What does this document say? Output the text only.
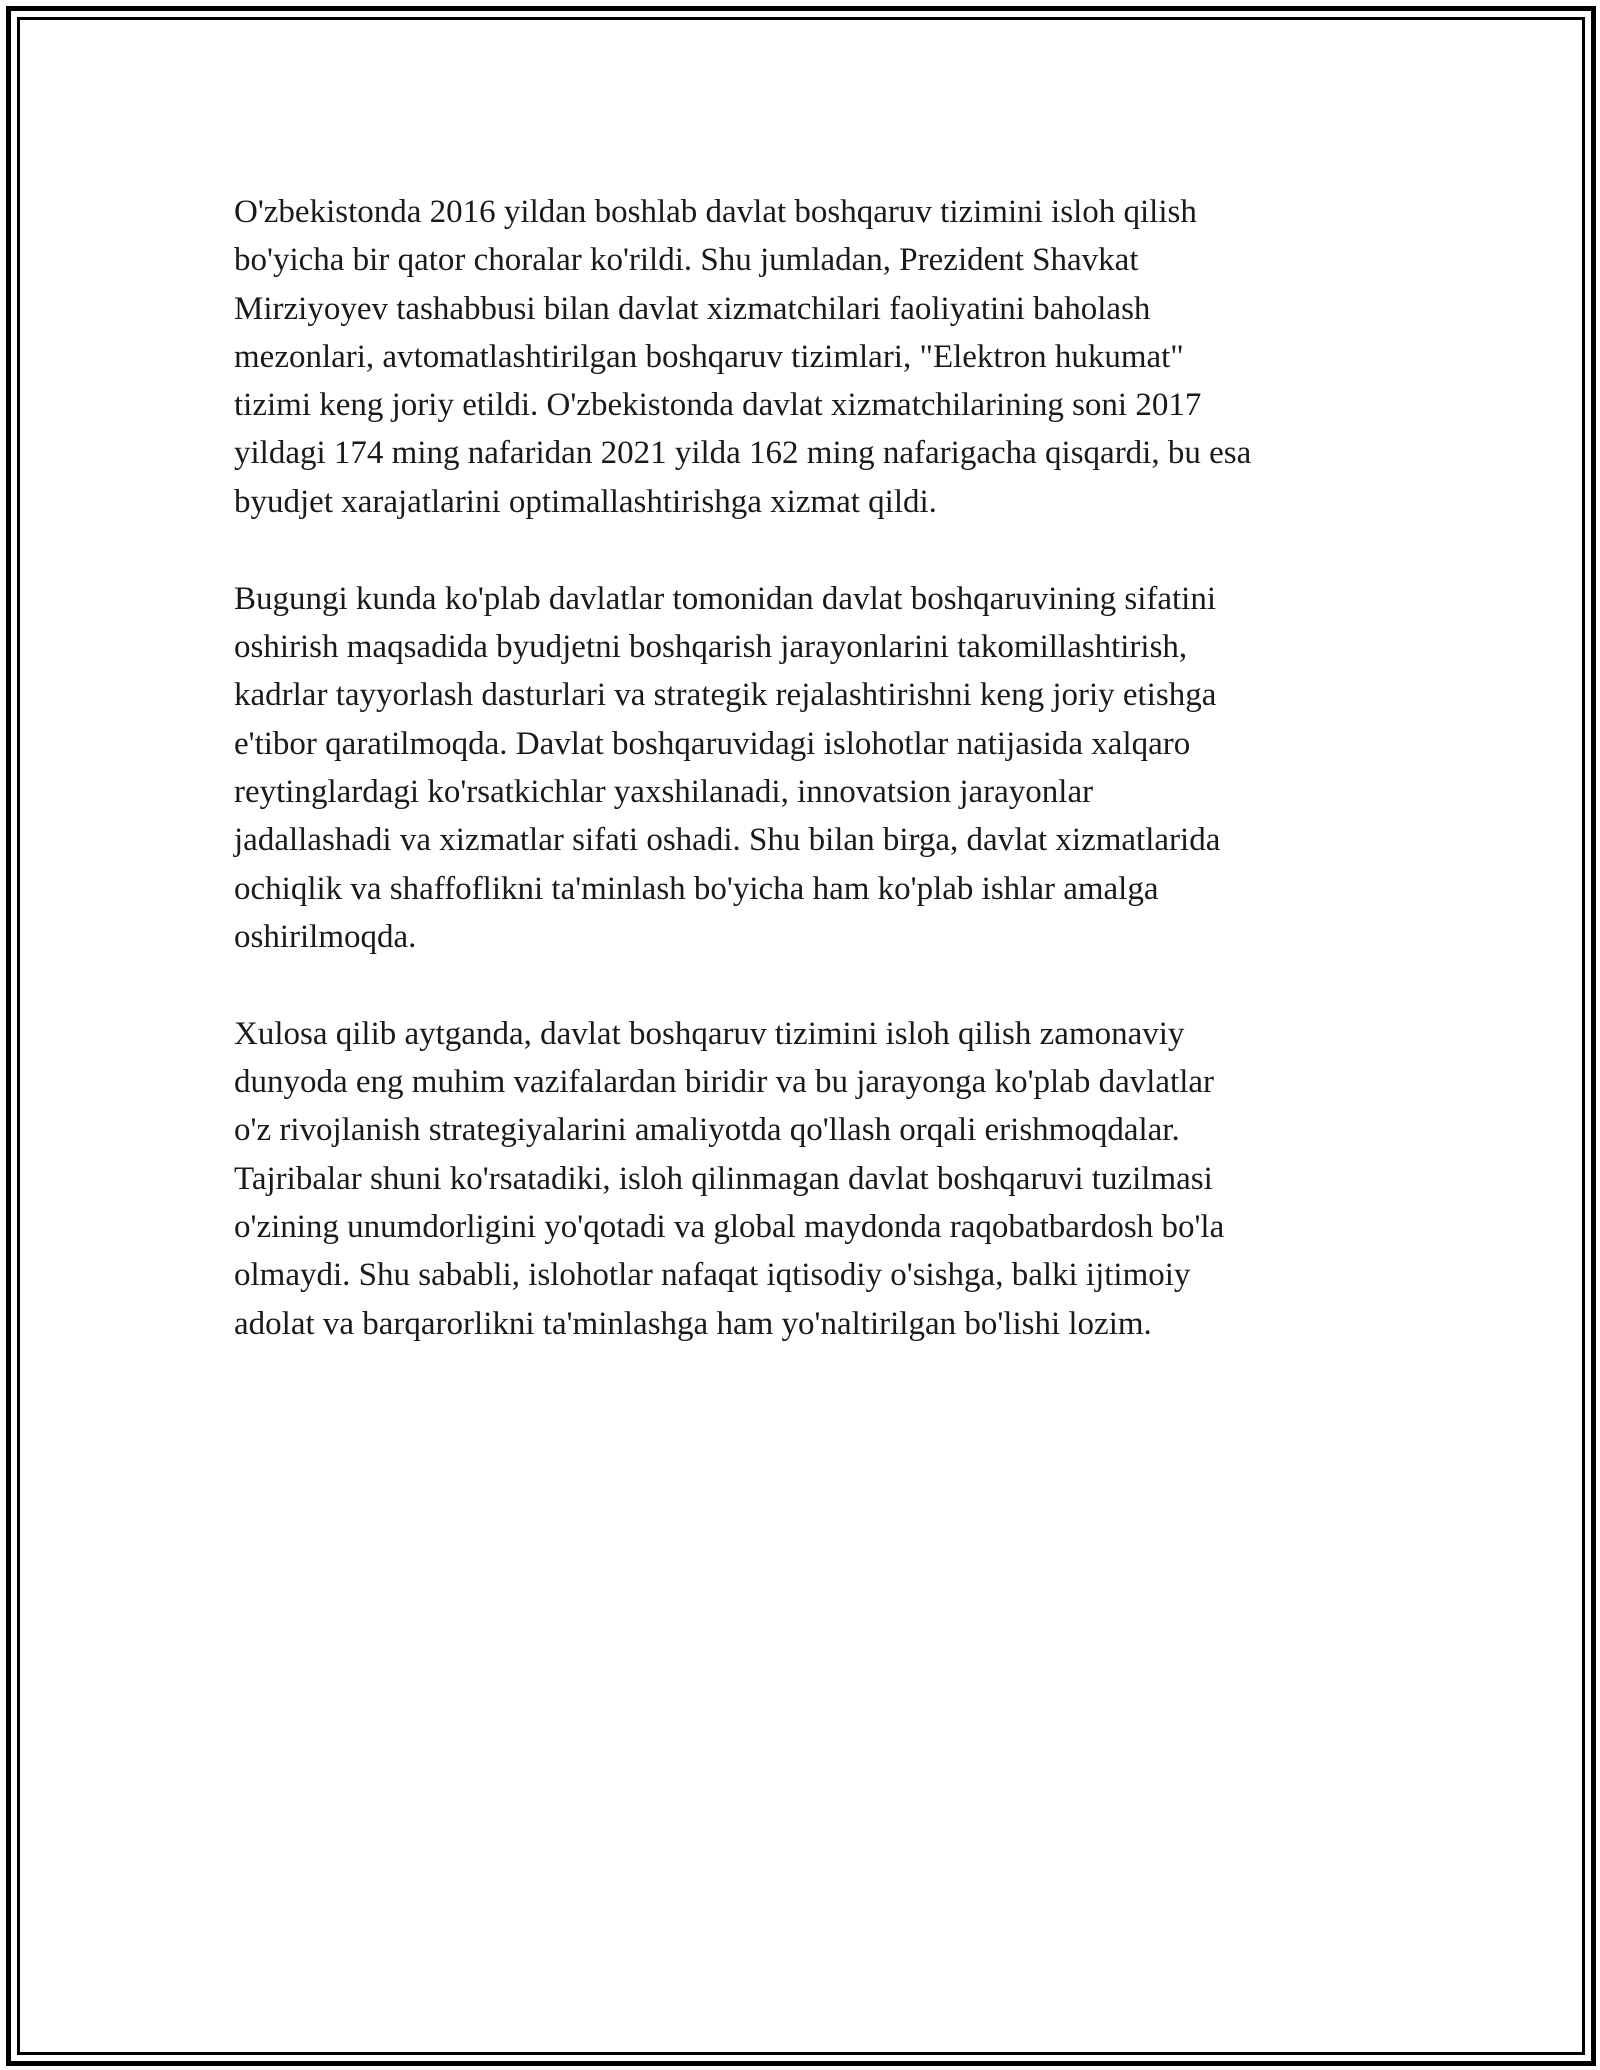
O'zbekistonda 2016 yildan boshlab davlat boshqaruv tizimini isloh qilish
bo'yicha bir qator choralar ko'rildi. Shu jumladan, Prezident Shavkat
Mirziyoyev tashabbusi bilan davlat xizmatchilari faoliyatini baholash
mezonlari, avtomatlashtirilgan boshqaruv tizimlari, "Elektron hukumat"
tizimi keng joriy etildi. O'zbekistonda davlat xizmatchilarining soni 2017
yildagi 174 ming nafaridan 2021 yilda 162 ming nafarigacha qisqardi, bu esa
byudjet xarajatlarini optimallashtirishga xizmat qildi.
Bugungi kunda ko'plab davlatlar tomonidan davlat boshqaruvining sifatini
oshirish maqsadida byudjetni boshqarish jarayonlarini takomillashtirish,
kadrlar tayyorlash dasturlari va strategik rejalashtirishni keng joriy etishga
e'tibor qaratilmoqda. Davlat boshqaruvidagi islohotlar natijasida xalqaro
reytinglardagi ko'rsatkichlar yaxshilanadi, innovatsion jarayonlar
jadallashadi va xizmatlar sifati oshadi. Shu bilan birga, davlat xizmatlarida
ochiqlik va shaffoflikni ta'minlash bo'yicha ham ko'plab ishlar amalga
oshirilmoqda.
Xulosa qilib aytganda, davlat boshqaruv tizimini isloh qilish zamonaviy
dunyoda eng muhim vazifalardan biridir va bu jarayonga ko'plab davlatlar
o'z rivojlanish strategiyalarini amaliyotda qo'llash orqali erishmoqdalar.
Tajribalar shuni ko'rsatadiki, isloh qilinmagan davlat boshqaruvi tuzilmasi
o'zining unumdorligini yo'qotadi va global maydonda raqobatbardosh bo'la
olmaydi. Shu sababli, islohotlar nafaqat iqtisodiy o'sishga, balki ijtimoiy
adolat va barqarorlikni ta'minlashga ham yo'naltirilgan bo'lishi lozim.
